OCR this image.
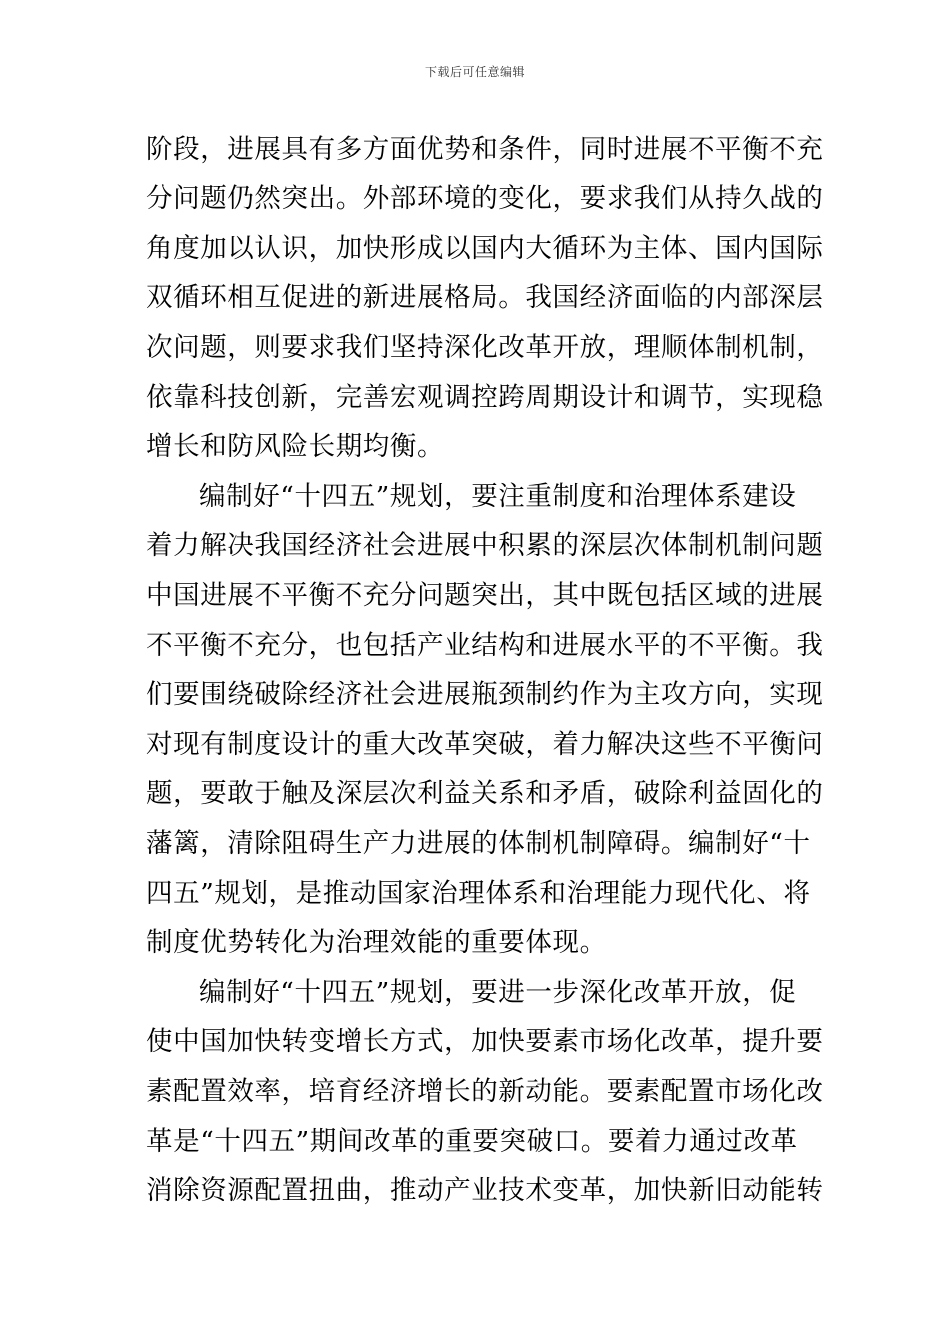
下载后可任意编辑
阶段，进展具有多方面优势和条件，同时进展不平衡不充
分问题仍然突出。外部环境的变化，要求我们从持久战的
角度加以认识，加快形成以国内大循环为主体、国内国际
双循环相互促进的新进展格局。我国经济面临的内部深层
次问题，则要求我们坚持深化改革开放，理顺体制机制，
依靠科技创新，完善宏观调控跨周期设计和调节，实现稳
增长和防风险长期均衡。
编制好“十四五”规划，要注重制度和治理体系建设
着力解决我国经济社会进展中积累的深层次体制机制问题
中国进展不平衡不充分问题突出，其中既包括区域的进展
不平衡不充分，也包括产业结构和进展水平的不平衡。我
们要围绕破除经济社会进展瓶颈制约作为主攻方向，实现
对现有制度设计的重大改革突破，着力解决这些不平衡问
题，要敢于触及深层次利益关系和矛盾，破除利益固化的
藩篱，清除阻碍生产力进展的体制机制障碍。编制好“十
四五”规划，是推动国家治理体系和治理能力现代化、将
制度优势转化为治理效能的重要体现。
编制好“十四五”规划，要进一步深化改革开放，促
使中国加快转变增长方式，加快要素市场化改革，提升要
素配置效率，培育经济增长的新动能。要素配置市场化改
革是“十四五”期间改革的重要突破口。要着力通过改革
消除资源配置扭曲，推动产业技术变革，加快新旧动能转
